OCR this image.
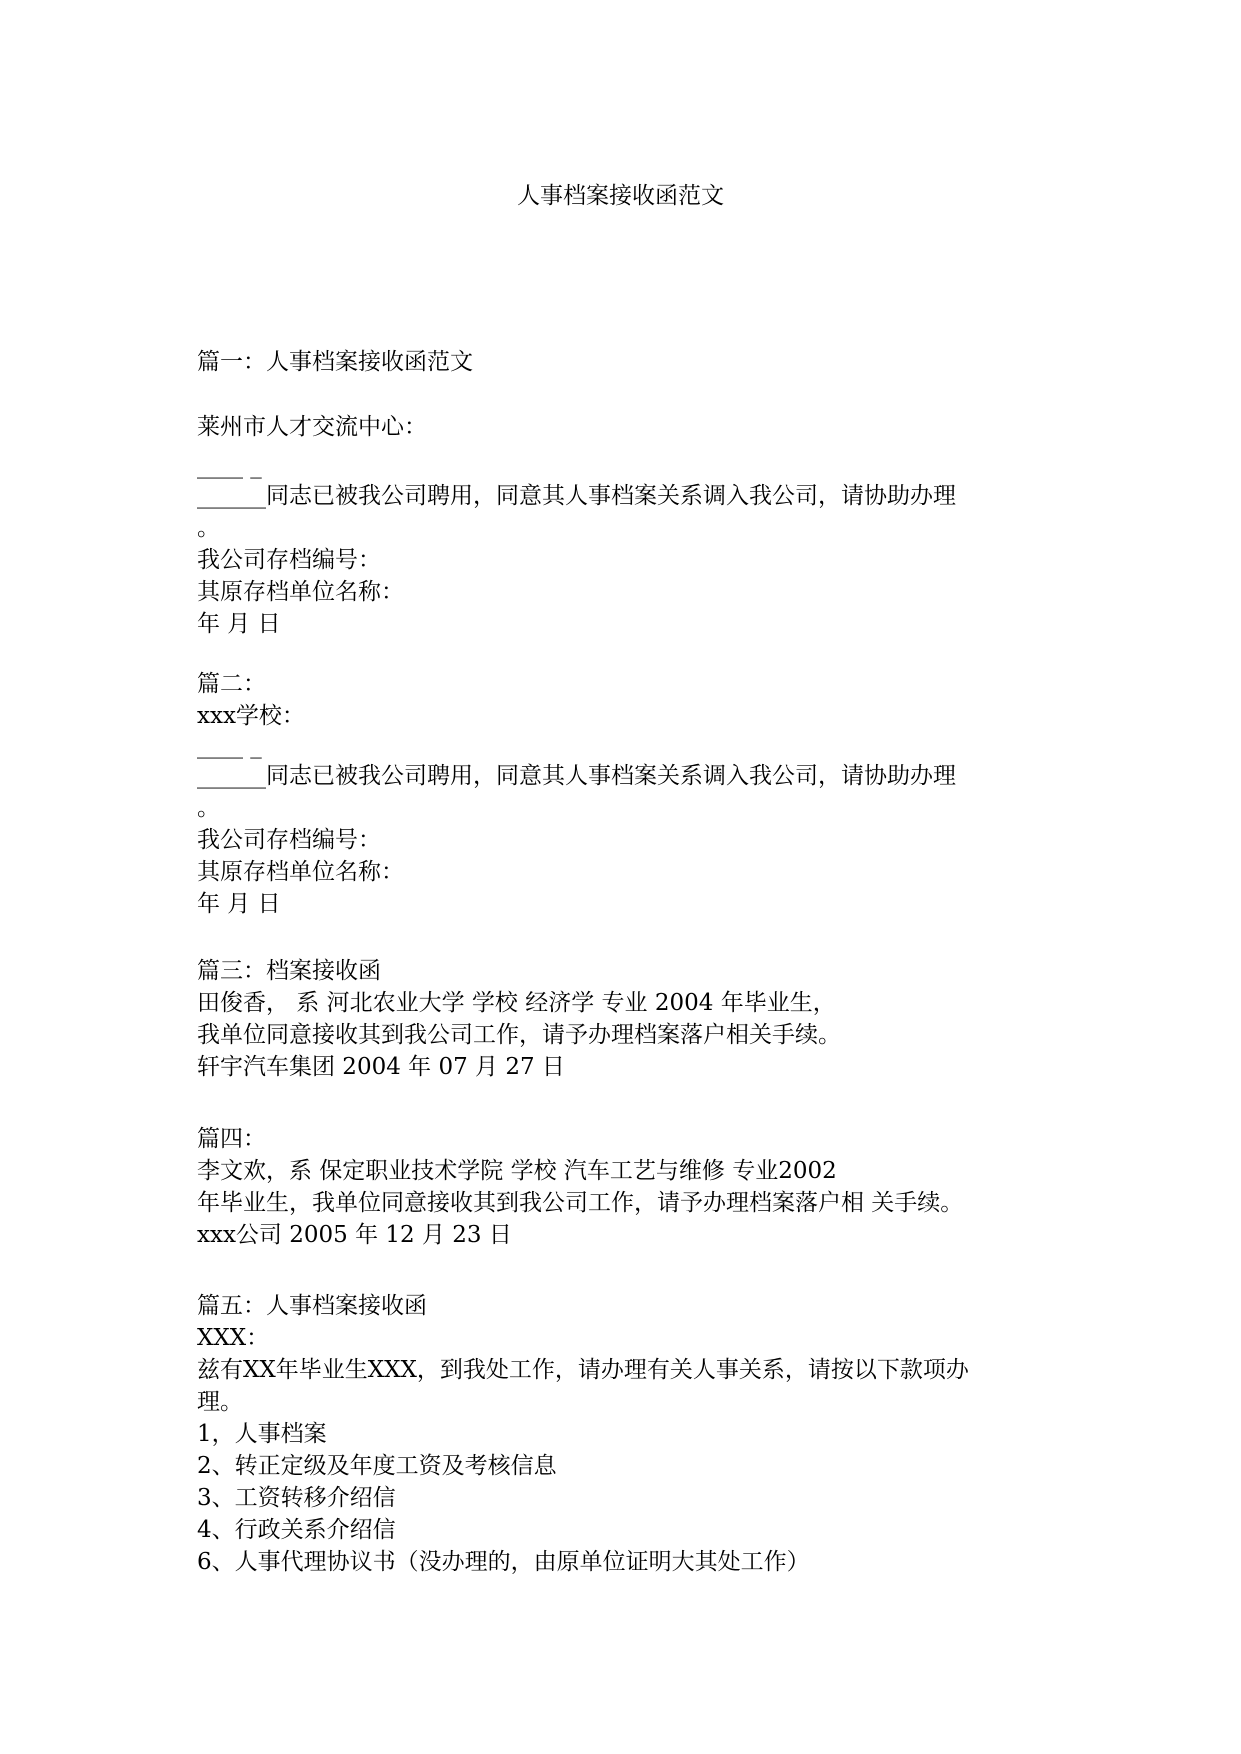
人事档案接收函范文
篇一：人事档案接收函范文
莱州市人才交流中心：
____ _
______同志已被我公司聘用，同意其人事档案关系调入我公司，请协助办理
。
我公司存档编号：
其原存档单位名称：
年 月 日
篇二：
xxx学校：
____ _
______同志已被我公司聘用，同意其人事档案关系调入我公司，请协助办理
。
我公司存档编号：
其原存档单位名称：
年 月 日
篇三：档案接收函
田俊香， 系 河北农业大学 学校 经济学 专业 2004 年毕业生，
我单位同意接收其到我公司工作，请予办理档案落户相关手续。
轩宇汽车集团 2004 年 07 月 27 日
篇四：
李文欢，系 保定职业技术学院 学校 汽车工艺与维修 专业2002
年毕业生，我单位同意接收其到我公司工作，请予办理档案落户相 关手续。
xxx公司 2005 年 12 月 23 日
篇五：人事档案接收函
XXX：
兹有XX年毕业生XXX，到我处工作，请办理有关人事关系，请按以下款项办
理。
1，人事档案
2、转正定级及年度工资及考核信息
3、工资转移介绍信
4、行政关系介绍信
6、人事代理协议书（没办理的，由原单位证明大其处工作）
